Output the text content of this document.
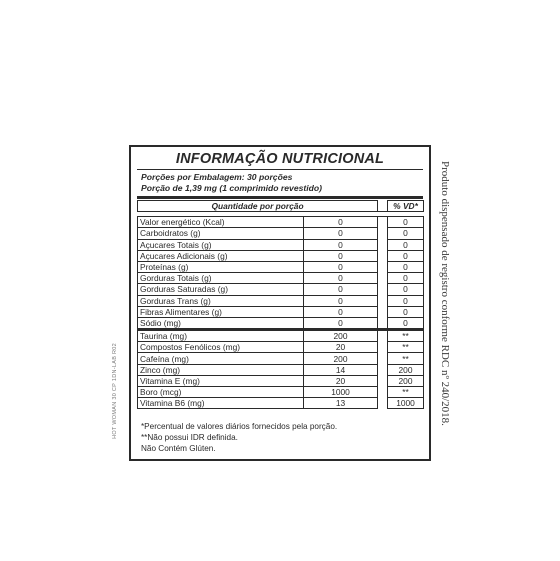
INFORMAÇÃO NUTRICIONAL
Porções por Embalagem: 30 porções
Porção de 1,39 mg (1 comprimido revestido)
Quantidade por porção			% VD*

Valor energético (Kcal)	0		0
Carboidratos (g)	0		0
Açucares Totais (g)	0		0
Açucares Adicionais (g)	0		0
Proteínas (g)	0		0
Gorduras Totais (g)	0		0
Gorduras Saturadas (g)	0		0
Gorduras Trans (g)	0		0
Fibras Alimentares (g)	0		0
Sódio (mg)	0		0
Taurina (mg)	200		**
Compostos Fenólicos (mg)	20		**
Cafeína (mg)	200		**
Zinco (mg)	14		200
Vitamina E (mg)	20		200
Boro (mcg)	1000		**
Vitamina B6 (mg)	13		1000
*Percentual de valores diários fornecidos pela porção.
**Não possui IDR definida.
Não Contém Glúten.
Produto dispensado de registro conforme RDC nº 240/2018.
HOT WOMAN 30 CP 1DN-LAB R02
